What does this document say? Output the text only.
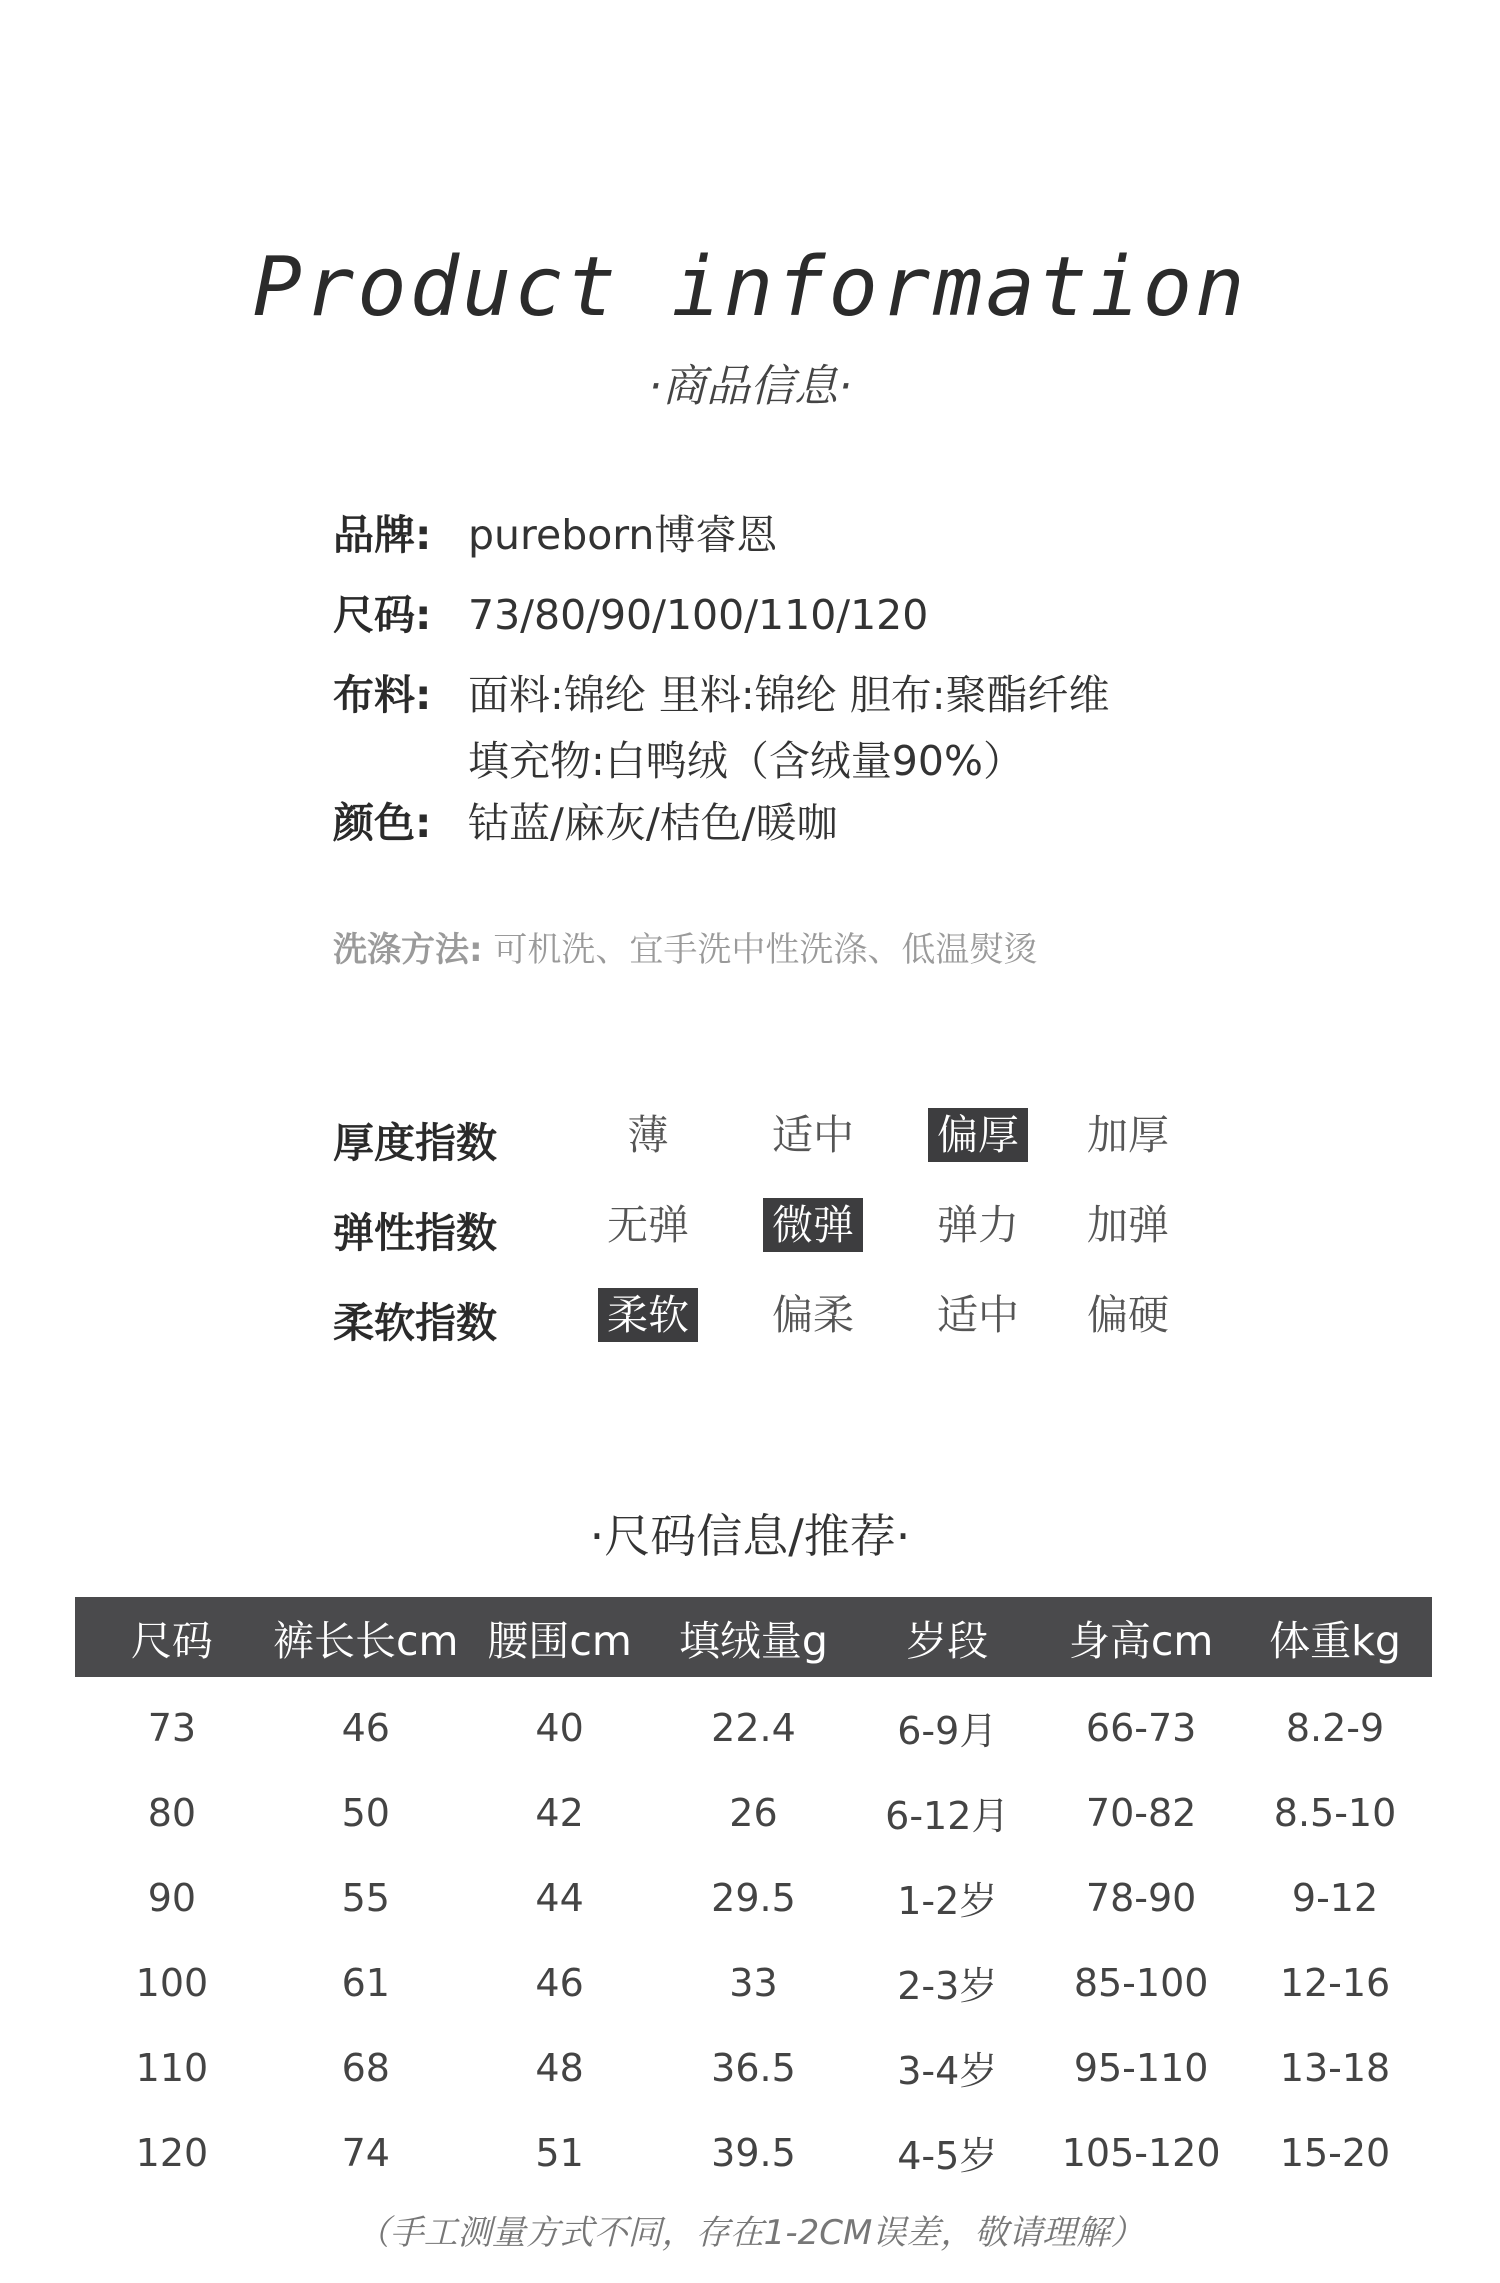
Product information
·商品信息·
品牌: pureborn博睿恩
尺码: 73/80/90/100/110/120
布料: 面料:锦纶 里料:锦纶 胆布:聚酯纤维
填充物:白鸭绒（含绒量90%）
颜色: 钴蓝/麻灰/桔色/暖咖
洗涤方法: 可机洗、宜手洗中性洗涤、低温熨烫
厚度指数	薄	适中 偏厚 加厚
弹性指数	无弹 微弹 弹力 加弹
柔软指数	柔软 偏柔 适中 偏硬
·尺码信息/推荐·
尺码	裤长长cm	腰围cm	填绒量g	岁段	身高cm	体重kg
73	46	40	22.4	6-9月	66-73	8.2-9
80	50	42	26	6-12月	70-82	8.5-10
90	55	44	29.5	1-2岁	78-90	9-12
100	61	46	33	2-3岁	85-100	12-16
110	68	48	36.5	3-4岁	95-110	13-18
120	74	51	39.5	4-5岁	105-120	15-20
（手工测量方式不同，存在1-2CM误差，敬请理解）
